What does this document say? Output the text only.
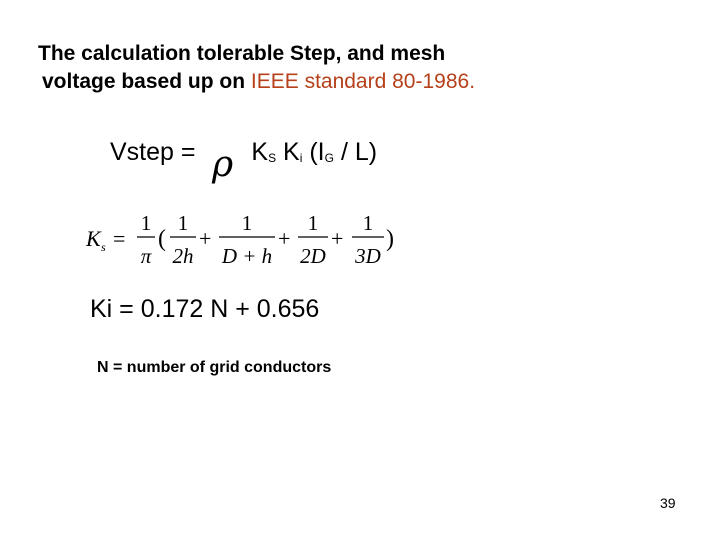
The calculation tolerable Step, and mesh
voltage based up on IEEE standard 80-1986.
Vstep = $K_S$ $K_i$ $(I_G / L)$
ρ
K s =
1
π
(
1
2h
+
1
D + h
+
1
2D
+
1
3D
)
Ki = 0.172 N + 0.656
N = number of grid conductors
39
